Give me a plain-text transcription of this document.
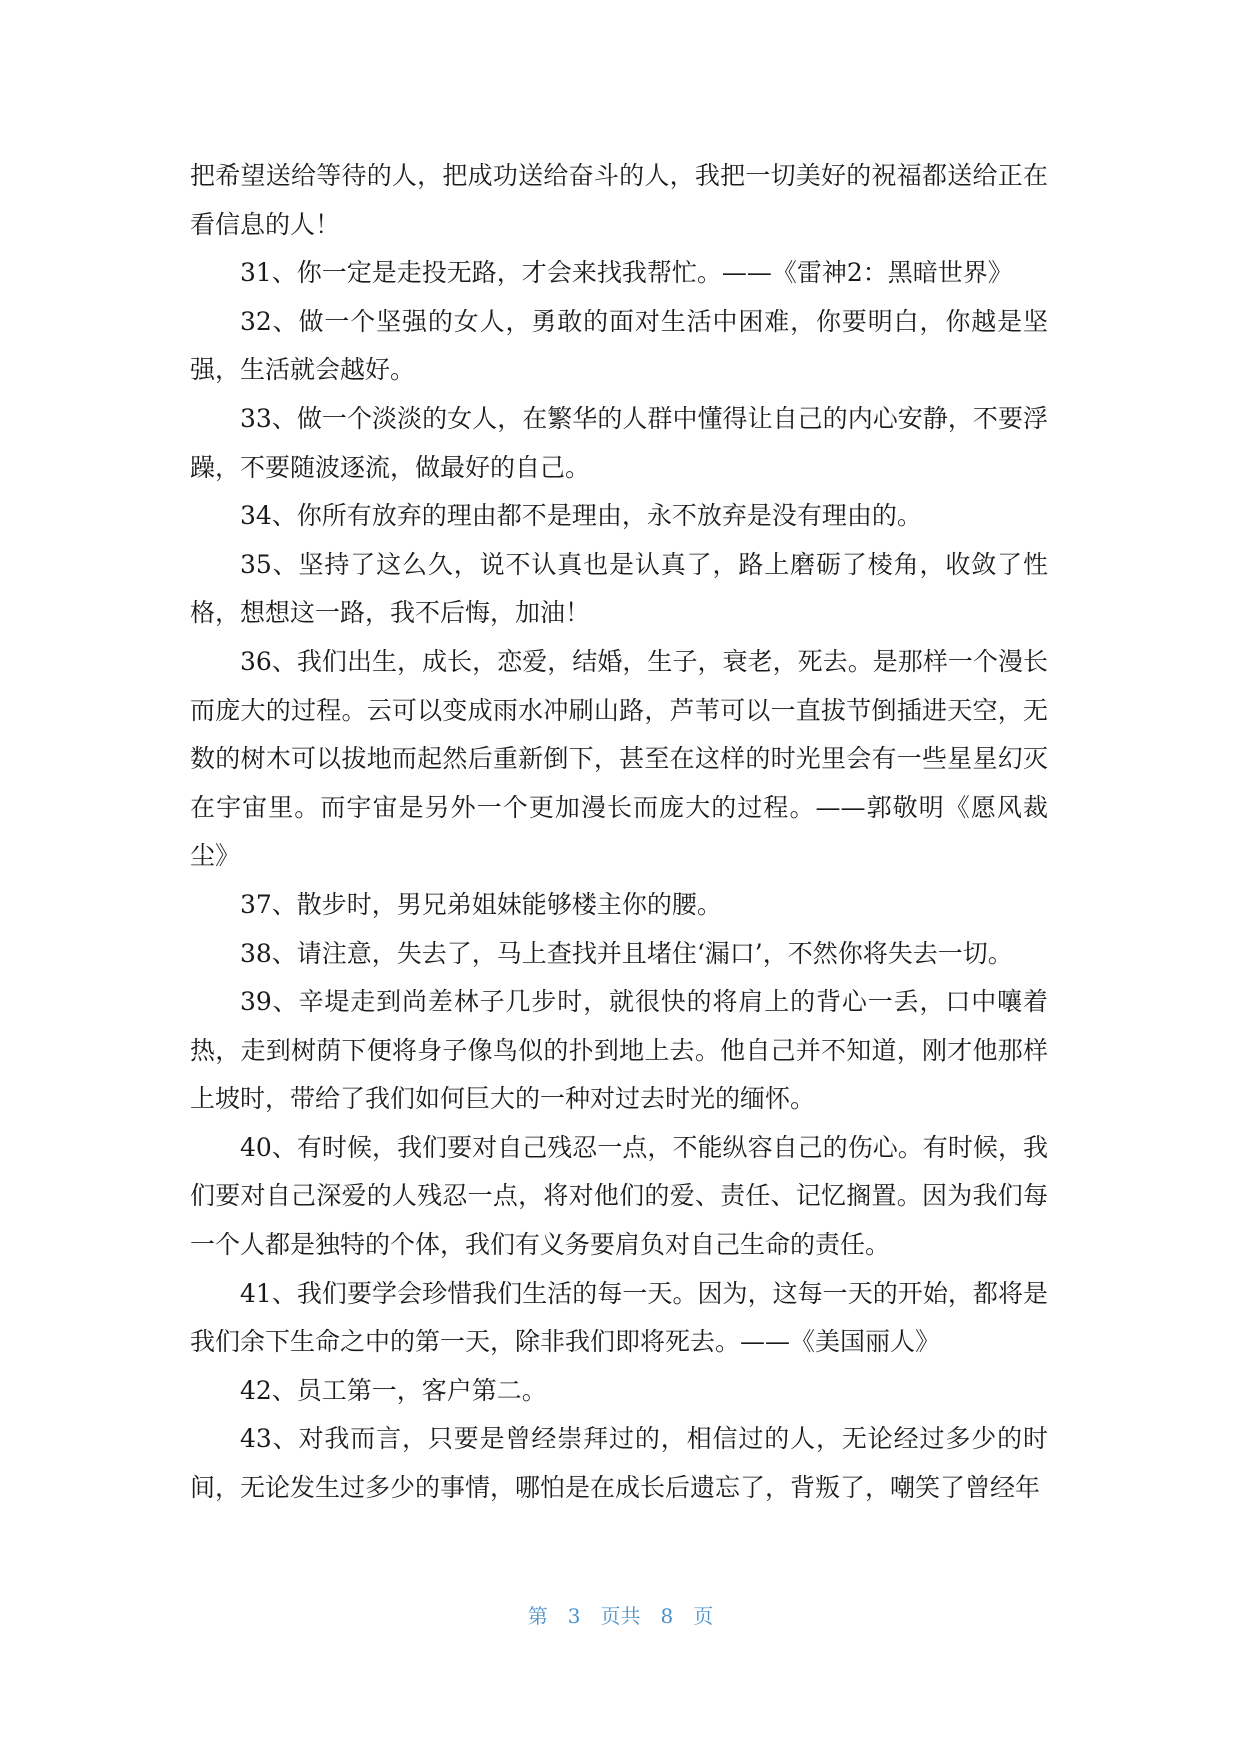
把希望送给等待的人，把成功送给奋斗的人，我把一切美好的祝福都送给正在看信息的人！

31、你一定是走投无路，才会来找我帮忙。——《雷神2：黑暗世界》

32、做一个坚强的女人，勇敢的面对生活中困难，你要明白，你越是坚强，生活就会越好。

33、做一个淡淡的女人，在繁华的人群中懂得让自己的内心安静，不要浮躁，不要随波逐流，做最好的自己。

34、你所有放弃的理由都不是理由，永不放弃是没有理由的。

35、坚持了这么久，说不认真也是认真了，路上磨砺了棱角，收敛了性格，想想这一路，我不后悔，加油！

36、我们出生，成长，恋爱，结婚，生子，衰老，死去。是那样一个漫长而庞大的过程。云可以变成雨水冲刷山路，芦苇可以一直拔节倒插进天空，无数的树木可以拔地而起然后重新倒下，甚至在这样的时光里会有一些星星幻灭在宇宙里。而宇宙是另外一个更加漫长而庞大的过程。——郭敬明《愿风裁尘》

37、散步时，男兄弟姐妹能够楼主你的腰。

38、请注意，失去了，马上查找并且堵住‘漏口’，不然你将失去一切。

39、辛堤走到尚差林子几步时，就很快的将肩上的背心一丢，口中嚷着热，走到树荫下便将身子像鸟似的扑到地上去。他自己并不知道，刚才他那样上坡时，带给了我们如何巨大的一种对过去时光的缅怀。

40、有时候，我们要对自己残忍一点，不能纵容自己的伤心。有时候，我们要对自己深爱的人残忍一点，将对他们的爱、责任、记忆搁置。因为我们每一个人都是独特的个体，我们有义务要肩负对自己生命的责任。

41、我们要学会珍惜我们生活的每一天。因为，这每一天的开始，都将是我们余下生命之中的第一天，除非我们即将死去。——《美国丽人》

42、员工第一，客户第二。

43、对我而言，只要是曾经崇拜过的，相信过的人，无论经过多少的时间，无论发生过多少的事情，哪怕是在成长后遗忘了，背叛了，嘲笑了曾经年

第 3 页共 8 页
